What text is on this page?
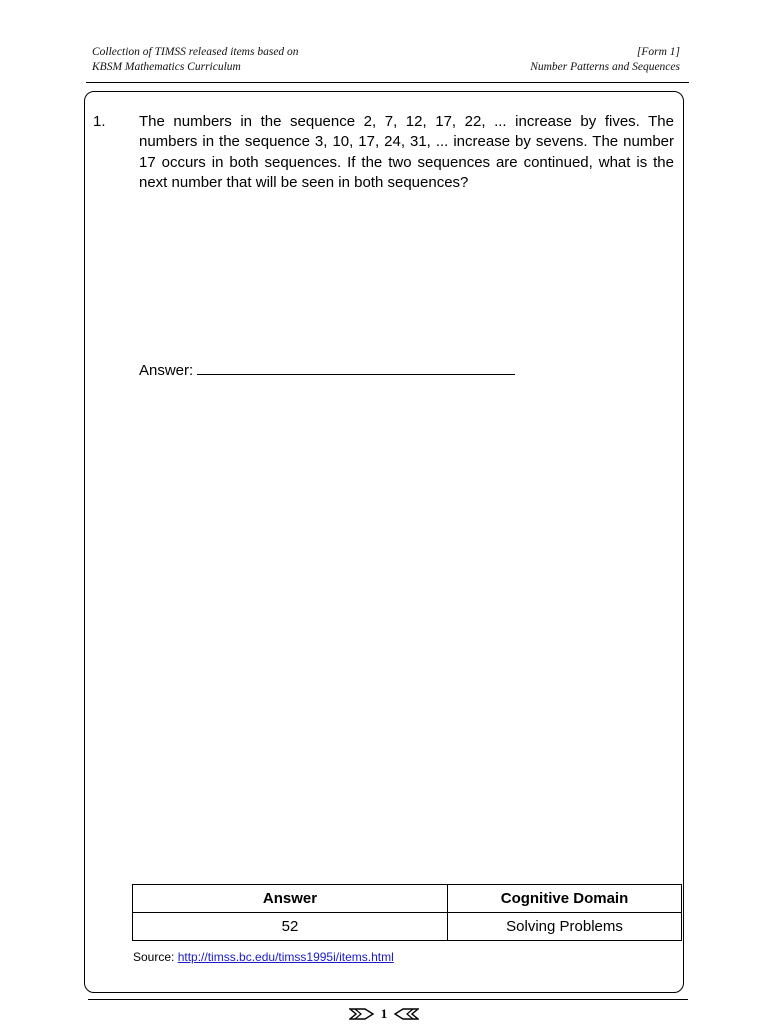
Collection of TIMSS released items based on
KBSM Mathematics Curriculum
[Form 1]
Number Patterns and Sequences
1. The numbers in the sequence 2, 7, 12, 17, 22, ... increase by fives. The numbers in the sequence 3, 10, 17, 24, 31, ... increase by sevens. The number 17 occurs in both sequences. If the two sequences are continued, what is the next number that will be seen in both sequences?
Answer:
Answer	Cognitive Domain
52	Solving Problems
Source: http://timss.bc.edu/timss1995i/items.html
1
